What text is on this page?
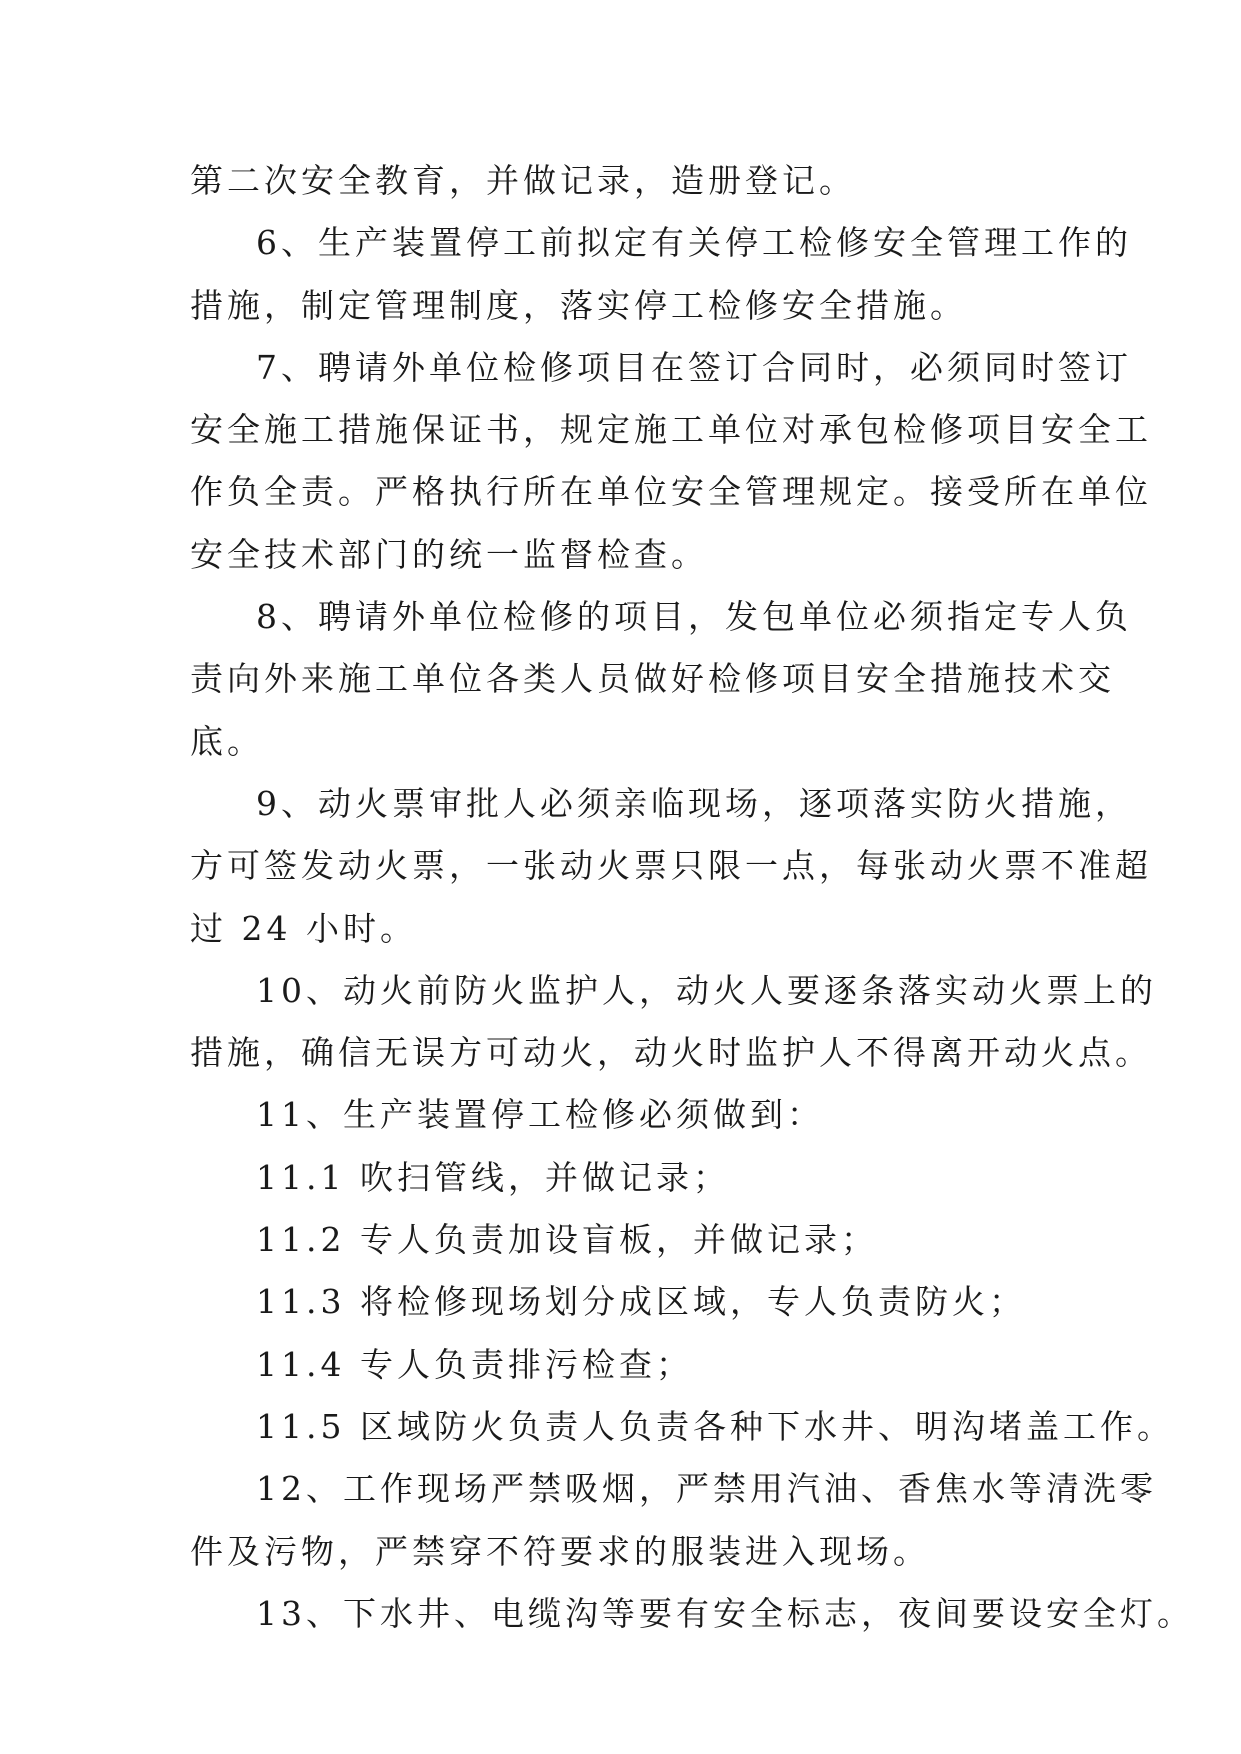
第二次安全教育，并做记录，造册登记。
6、生产装置停工前拟定有关停工检修安全管理工作的
措施，制定管理制度，落实停工检修安全措施。
7、聘请外单位检修项目在签订合同时，必须同时签订
安全施工措施保证书，规定施工单位对承包检修项目安全工
作负全责。严格执行所在单位安全管理规定。接受所在单位
安全技术部门的统一监督检查。
8、聘请外单位检修的项目，发包单位必须指定专人负
责向外来施工单位各类人员做好检修项目安全措施技术交
底。
9、动火票审批人必须亲临现场，逐项落实防火措施，
方可签发动火票，一张动火票只限一点，每张动火票不准超
过 24 小时。
10、动火前防火监护人，动火人要逐条落实动火票上的
措施，确信无误方可动火，动火时监护人不得离开动火点。
11、生产装置停工检修必须做到：
11.1 吹扫管线，并做记录；
11.2 专人负责加设盲板，并做记录；
11.3 将检修现场划分成区域，专人负责防火；
11.4 专人负责排污检查；
11.5 区域防火负责人负责各种下水井、明沟堵盖工作。
12、工作现场严禁吸烟，严禁用汽油、香焦水等清洗零
件及污物，严禁穿不符要求的服装进入现场。
13、下水井、电缆沟等要有安全标志，夜间要设安全灯。
